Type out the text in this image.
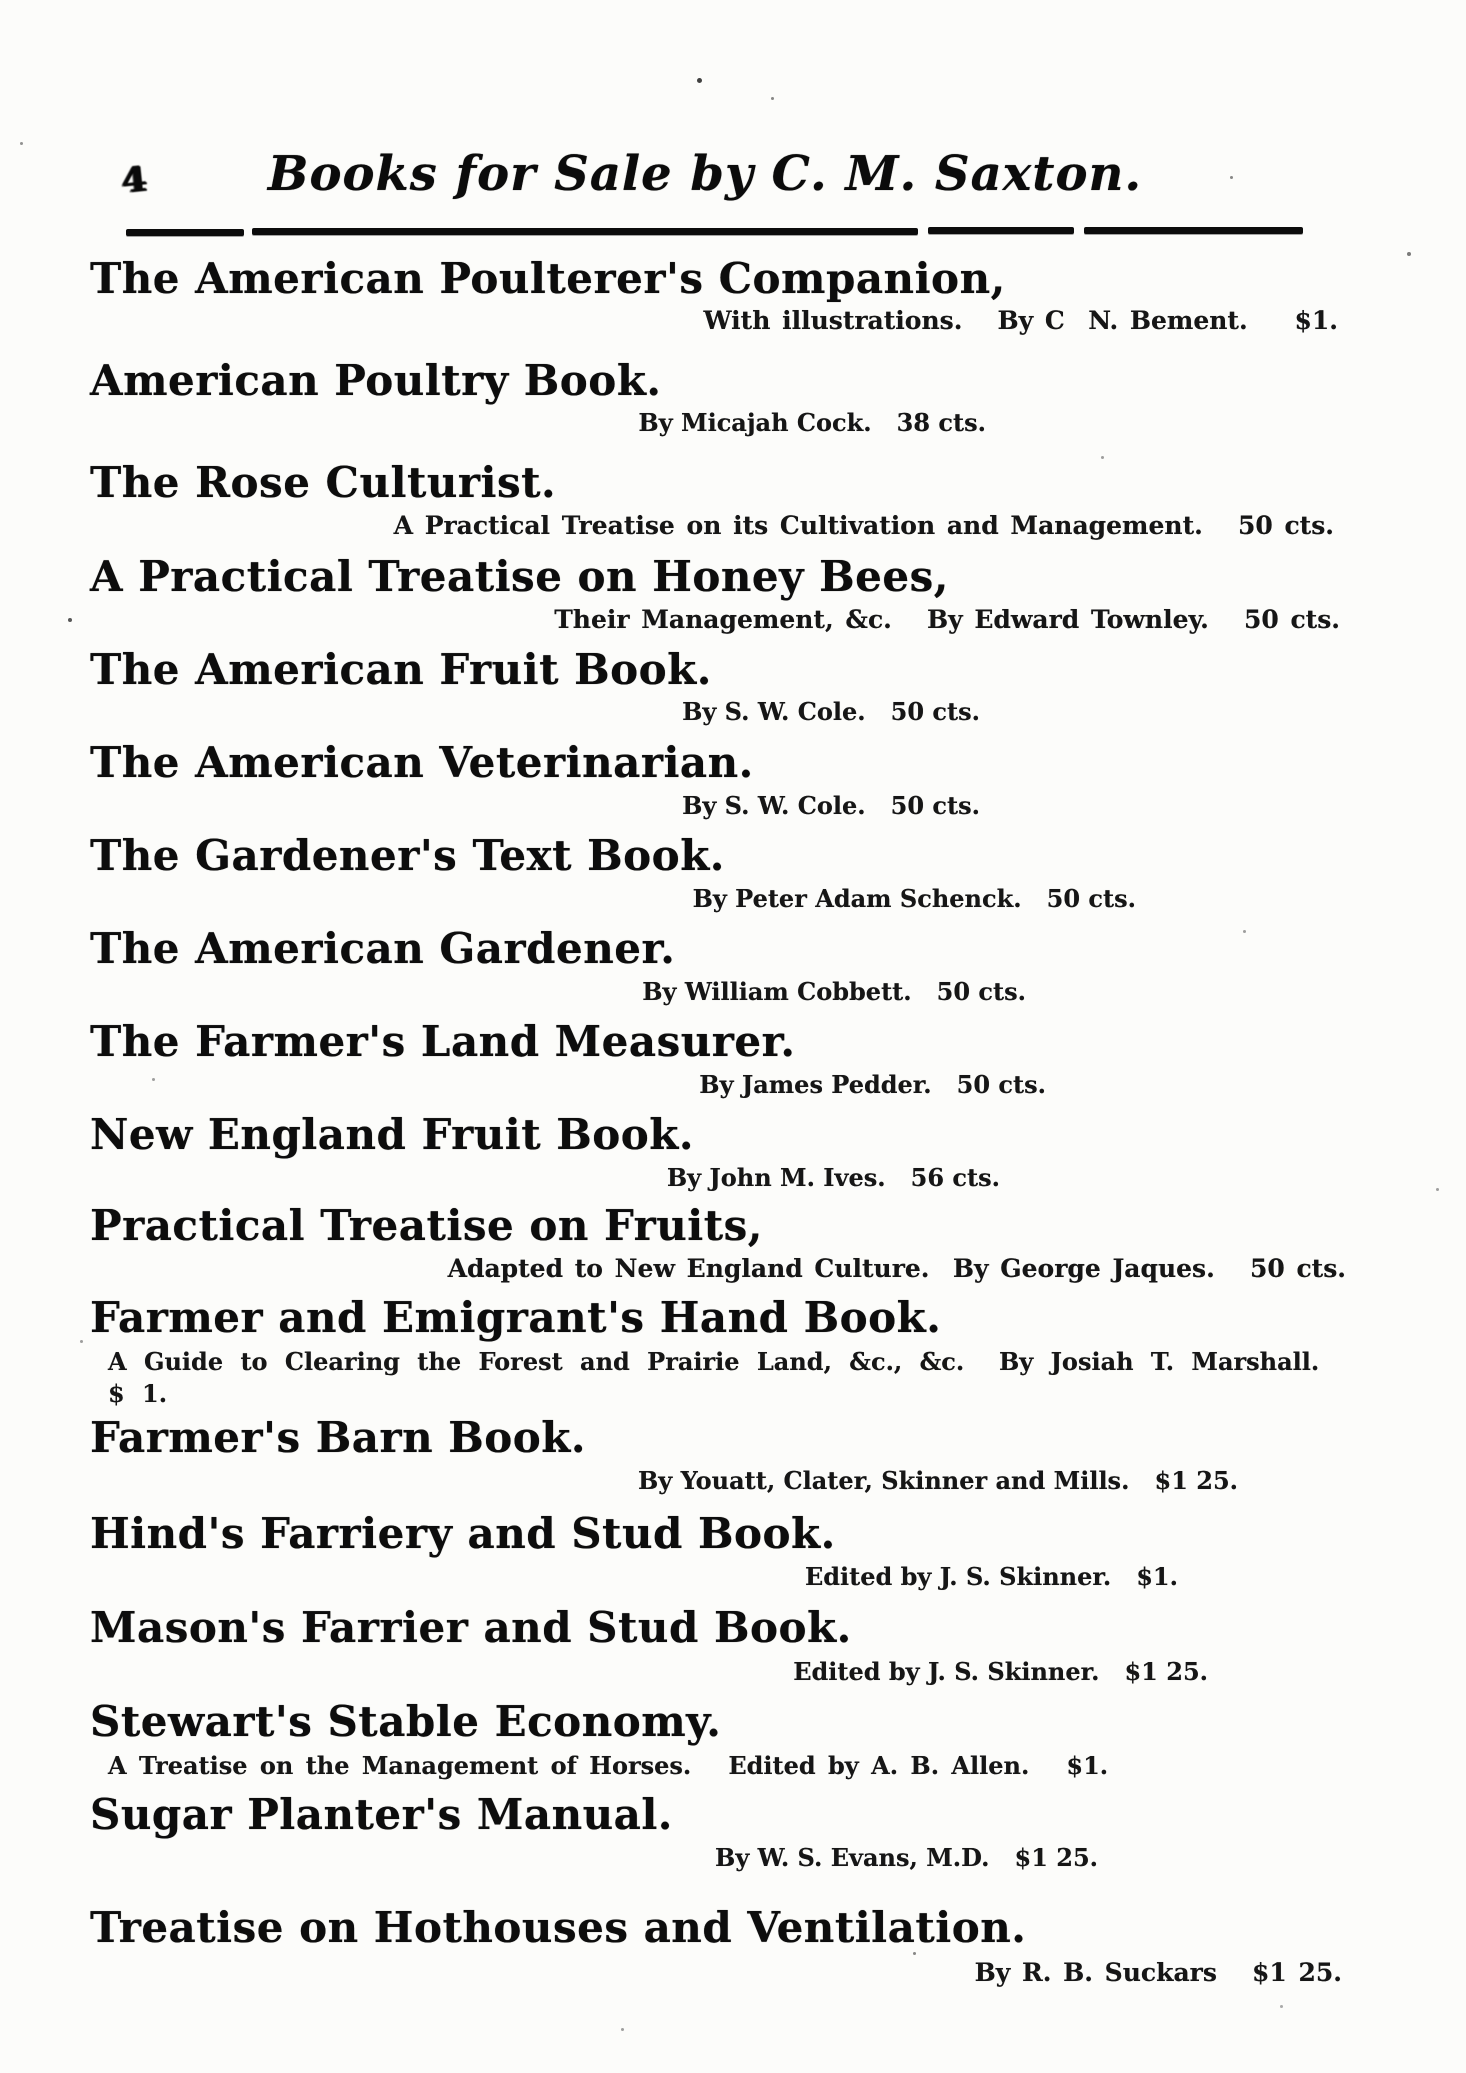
4	Books for Sale by C. M. Saxton.
The American Poulterer's Companion,
With illustrations.   By C  N. Bement.    $1.
American Poultry Book.
By Micajah Cock.   38 cts.
The Rose Culturist.
A Practical Treatise on its Cultivation and Management.   50 cts.
A Practical Treatise on Honey Bees,
Their Management, &c.   By Edward Townley.   50 cts.
The American Fruit Book.
By S. W. Cole.   50 cts.
The American Veterinarian.
By S. W. Cole.   50 cts.
The Gardener's Text Book.
By Peter Adam Schenck.   50 cts.
The American Gardener.
By William Cobbett.   50 cts.
The Farmer's Land Measurer.
By James Pedder.   50 cts.
New England Fruit Book.
By John M. Ives.   56 cts.
Practical Treatise on Fruits,
Adapted to New England Culture.  By George Jaques.   50 cts.
Farmer and Emigrant's Hand Book.
A Guide to Clearing the Forest and Prairie Land, &c., &c.  By Josiah T. Marshall.
$ 1.
Farmer's Barn Book.
By Youatt, Clater, Skinner and Mills.   $1 25.
Hind's Farriery and Stud Book.
Edited by J. S. Skinner.   $1.
Mason's Farrier and Stud Book.
Edited by J. S. Skinner.   $1 25.
Stewart's Stable Economy.
A Treatise on the Management of Horses.   Edited by A. B. Allen.   $1.
Sugar Planter's Manual.
By W. S. Evans, M.D.   $1 25.
Treatise on Hothouses and Ventilation.
By R. B. Suckars   $1 25.
